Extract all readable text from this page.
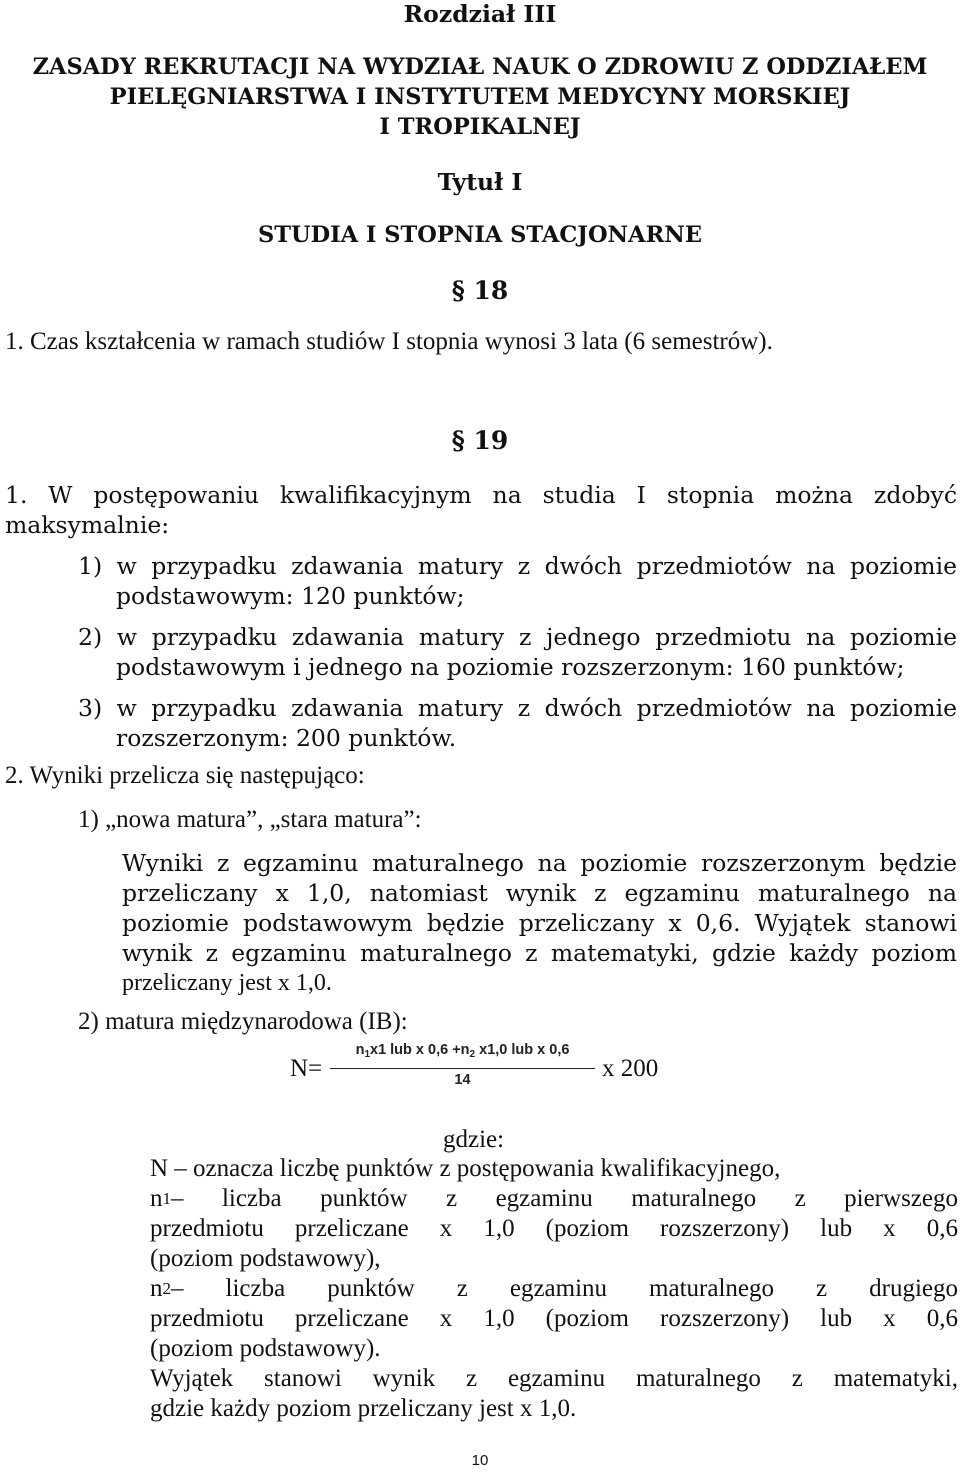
Rozdział III
ZASADY REKRUTACJI NA WYDZIAŁ NAUK O ZDROWIU Z ODDZIAŁEM
PIELĘGNIARSTWA I INSTYTUTEM MEDYCYNY MORSKIEJ
I TROPIKALNEJ
Tytuł I
STUDIA I STOPNIA STACJONARNE
§ 18
1. Czas kształcenia w ramach studiów I stopnia wynosi 3 lata (6 semestrów).
§ 19
1. W postępowaniu kwalifikacyjnym na studia I stopnia można zdobyć
maksymalnie:
1) w przypadku zdawania matury z dwóch przedmiotów na poziomie
podstawowym: 120 punktów;
2) w przypadku zdawania matury z jednego przedmiotu na poziomie
podstawowym i jednego na poziomie rozszerzonym: 160 punktów;
3) w przypadku zdawania matury z dwóch przedmiotów na poziomie
rozszerzonym: 200 punktów.
2. Wyniki przelicza się następująco:
1) „nowa matura”, „stara matura”:
Wyniki z egzaminu maturalnego na poziomie rozszerzonym będzie
przeliczany x 1,0, natomiast wynik z egzaminu maturalnego na
poziomie podstawowym będzie przeliczany x 0,6. Wyjątek stanowi
wynik z egzaminu maturalnego z matematyki, gdzie każdy poziom
przeliczany jest x 1,0.
2) matura międzynarodowa (IB):
N=
$n_1x1$ lub x $0,6 +n_2$ x1,0 lub x 0,6
14	x 200
gdzie:
N – oznacza liczbę punktów z postępowania kwalifikacyjnego,
n 1 – liczba punktów z egzaminu maturalnego z pierwszego
przedmiotu przeliczane x 1,0 (poziom rozszerzony) lub x 0,6
(poziom podstawowy),
n 2 – liczba punktów z egzaminu maturalnego z drugiego
przedmiotu przeliczane x 1,0 (poziom rozszerzony) lub x 0,6
(poziom podstawowy).
Wyjątek stanowi wynik z egzaminu maturalnego z matematyki,
gdzie każdy poziom przeliczany jest x 1,0.
10
